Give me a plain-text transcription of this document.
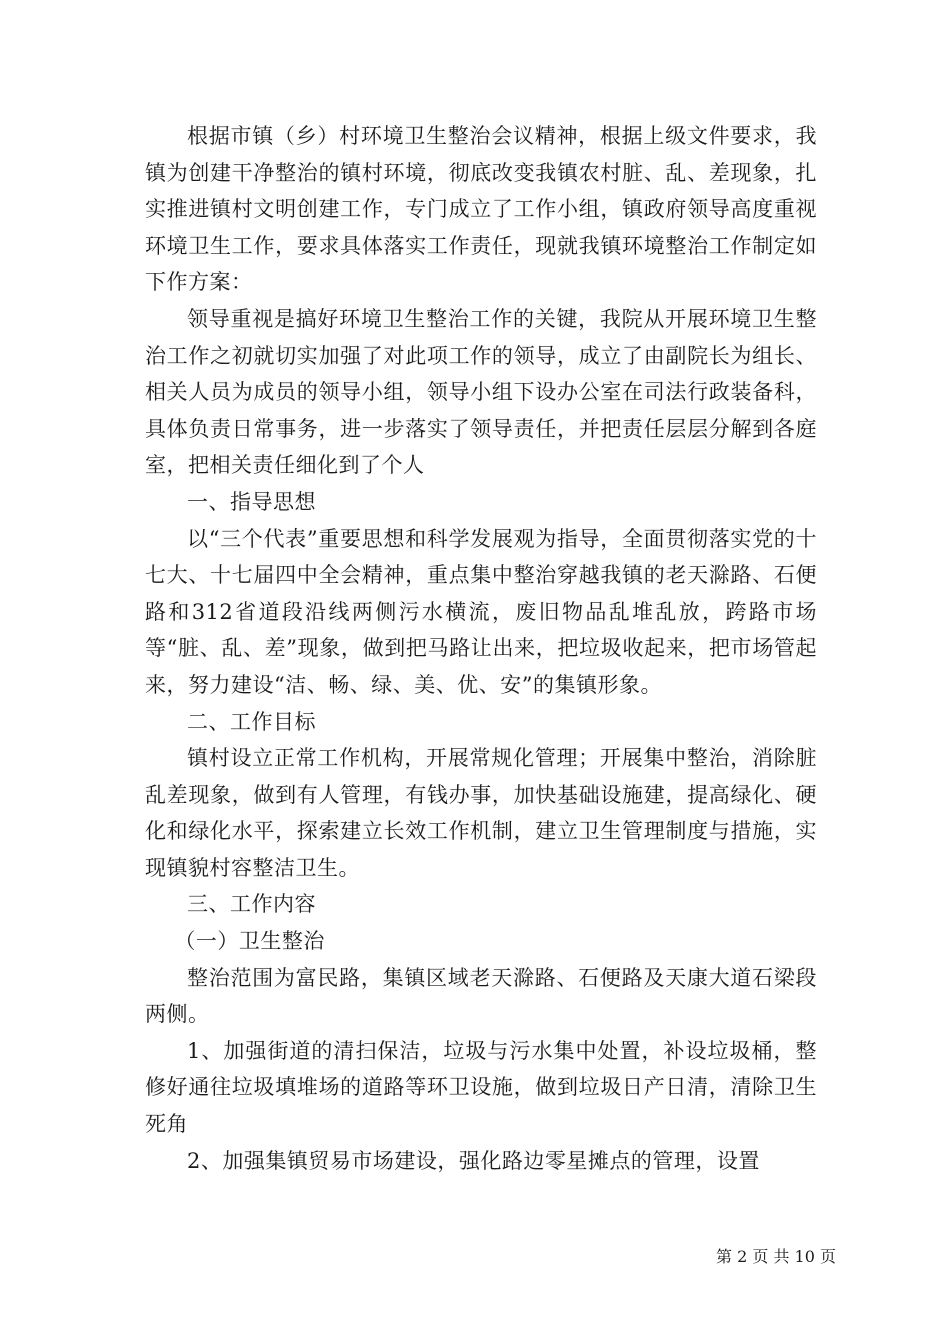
根据市镇（乡）村环境卫生整治会议精神，根据上级文件要求，我镇为创建干净整治的镇村环境，彻底改变我镇农村脏、乱、差现象，扎实推进镇村文明创建工作，专门成立了工作小组，镇政府领导高度重视环境卫生工作，要求具体落实工作责任，现就我镇环境整治工作制定如下作方案：

领导重视是搞好环境卫生整治工作的关键，我院从开展环境卫生整治工作之初就切实加强了对此项工作的领导，成立了由副院长为组长、相关人员为成员的领导小组，领导小组下设办公室在司法行政装备科，具体负责日常事务，进一步落实了领导责任，并把责任层层分解到各庭室，把相关责任细化到了个人

一、指导思想

以“三个代表”重要思想和科学发展观为指导，全面贯彻落实党的十七大、十七届四中全会精神，重点集中整治穿越我镇的老天滁路、石便路和312省道段沿线两侧污水横流，废旧物品乱堆乱放，跨路市场等“脏、乱、差”现象，做到把马路让出来，把垃圾收起来，把市场管起来，努力建设“洁、畅、绿、美、优、安”的集镇形象。

二、工作目标

镇村设立正常工作机构，开展常规化管理；开展集中整治，消除脏乱差现象，做到有人管理，有钱办事，加快基础设施建，提高绿化、硬化和绿化水平，探索建立长效工作机制，建立卫生管理制度与措施，实现镇貌村容整洁卫生。

三、工作内容

（一）卫生整治

整治范围为富民路，集镇区域老天滁路、石便路及天康大道石梁段两侧。

1、加强街道的清扫保洁，垃圾与污水集中处置，补设垃圾桶，整修好通往垃圾填堆场的道路等环卫设施，做到垃圾日产日清，清除卫生死角

2、加强集镇贸易市场建设，强化路边零星摊点的管理，设置

第 2 页 共 10 页
